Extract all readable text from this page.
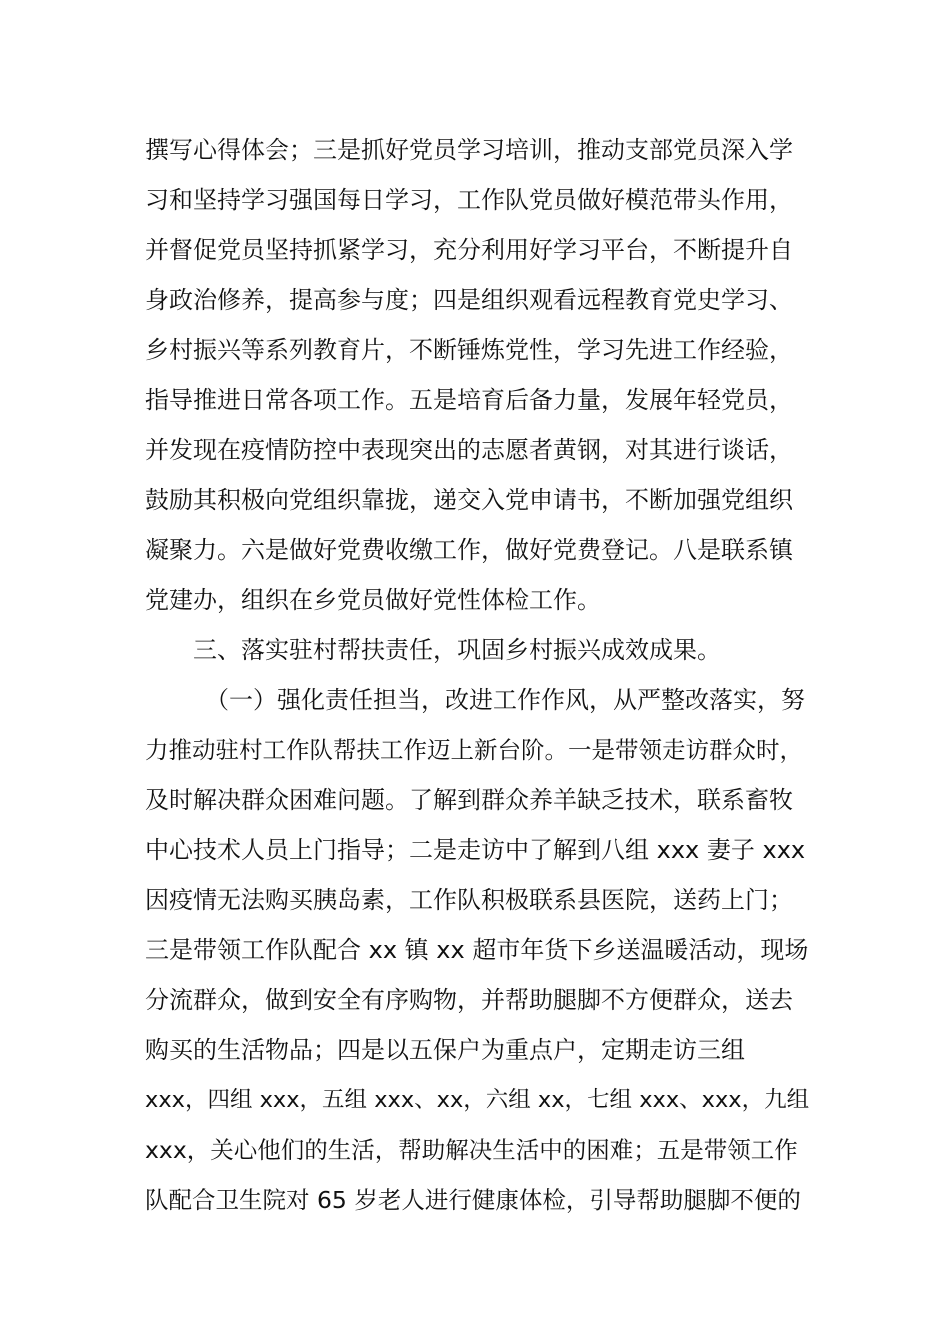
撰写心得体会；三是抓好党员学习培训，推动支部党员深入学
习和坚持学习强国每日学习，工作队党员做好模范带头作用，
并督促党员坚持抓紧学习，充分利用好学习平台，不断提升自
身政治修养，提高参与度；四是组织观看远程教育党史学习、
乡村振兴等系列教育片，不断锤炼党性，学习先进工作经验，
指导推进日常各项工作。五是培育后备力量，发展年轻党员，
并发现在疫情防控中表现突出的志愿者黄钢，对其进行谈话，
鼓励其积极向党组织靠拢，递交入党申请书，不断加强党组织
凝聚力。六是做好党费收缴工作，做好党费登记。八是联系镇
党建办，组织在乡党员做好党性体检工作。
三、落实驻村帮扶责任，巩固乡村振兴成效成果。
（一）强化责任担当，改进工作作风，从严整改落实，努
力推动驻村工作队帮扶工作迈上新台阶。一是带领走访群众时，
及时解决群众困难问题。了解到群众养羊缺乏技术，联系畜牧
中心技术人员上门指导；二是走访中了解到八组 xxx 妻子 xxx
因疫情无法购买胰岛素，工作队积极联系县医院，送药上门；
三是带领工作队配合 xx 镇 xx 超市年货下乡送温暖活动，现场
分流群众，做到安全有序购物，并帮助腿脚不方便群众，送去
购买的生活物品；四是以五保户为重点户，定期走访三组
xxx，四组 xxx，五组 xxx、xx，六组 xx，七组 xxx、xxx，九组
xxx，关心他们的生活，帮助解决生活中的困难；五是带领工作
队配合卫生院对 65 岁老人进行健康体检，引导帮助腿脚不便的
